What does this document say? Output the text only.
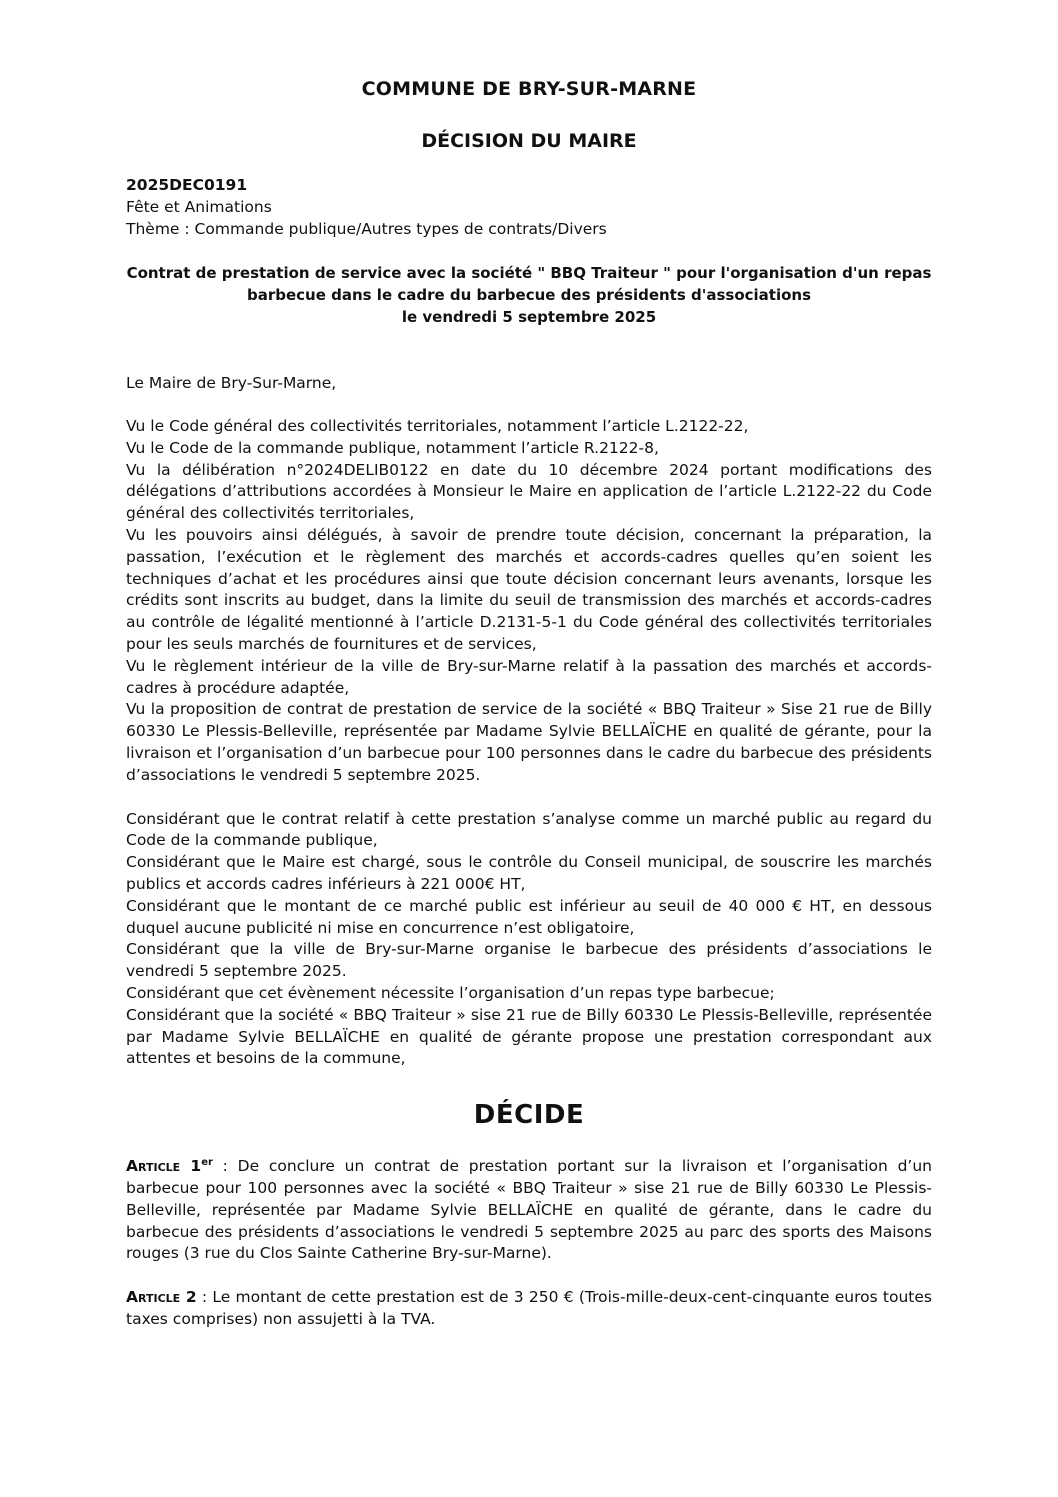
COMMUNE DE BRY-SUR-MARNE
DÉCISION DU MAIRE
2025DEC0191
Fête et Animations
Thème : Commande publique/Autres types de contrats/Divers
Contrat de prestation de service avec la société " BBQ Traiteur " pour l'organisation d'un repas
barbecue dans le cadre du barbecue des présidents d'associations
le vendredi 5 septembre 2025
Le Maire de Bry-Sur-Marne,

Vu le Code général des collectivités territoriales, notamment l’article L.2122-22,

Vu le Code de la commande publique, notamment l’article R.2122-8,

Vu la délibération n°2024DELIB0122 en date du 10 décembre 2024 portant modifications des délégations d’attributions accordées à Monsieur le Maire en application de l’article L.2122-22 du Code général des collectivités territoriales,

Vu les pouvoirs ainsi délégués, à savoir de prendre toute décision, concernant la préparation, la passation, l’exécution et le règlement des marchés et accords-cadres quelles qu’en soient les techniques d’achat et les procédures ainsi que toute décision concernant leurs avenants, lorsque les crédits sont inscrits au budget, dans la limite du seuil de transmission des marchés et accords-cadres au contrôle de légalité mentionné à l’article D.2131-5-1 du Code général des collectivités territoriales pour les seuls marchés de fournitures et de services,

Vu le règlement intérieur de la ville de Bry-sur-Marne relatif à la passation des marchés et accords-cadres à procédure adaptée,

Vu la proposition de contrat de prestation de service de la société « BBQ Traiteur » Sise 21 rue de Billy 60330 Le Plessis-Belleville, représentée par Madame Sylvie BELLAÏCHE en qualité de gérante, pour la livraison et l’organisation d’un barbecue pour 100 personnes dans le cadre du barbecue des présidents d’associations le vendredi 5 septembre 2025.

Considérant que le contrat relatif à cette prestation s’analyse comme un marché public au regard du Code de la commande publique,

Considérant que le Maire est chargé, sous le contrôle du Conseil municipal, de souscrire les marchés publics et accords cadres inférieurs à 221 000€ HT,

Considérant que le montant de ce marché public est inférieur au seuil de 40 000 € HT, en dessous duquel aucune publicité ni mise en concurrence n’est obligatoire,

Considérant que la ville de Bry-sur-Marne organise le barbecue des présidents d’associations le vendredi 5 septembre 2025.

Considérant que cet évènement nécessite l’organisation d’un repas type barbecue;

Considérant que la société « BBQ Traiteur » sise 21 rue de Billy 60330 Le Plessis-Belleville, représentée par Madame Sylvie BELLAÏCHE en qualité de gérante propose une prestation correspondant aux attentes et besoins de la commune,

DÉCIDE

Article 1er : De conclure un contrat de prestation portant sur la livraison et l’organisation d’un barbecue pour 100 personnes avec la société « BBQ Traiteur » sise 21 rue de Billy 60330 Le Plessis-Belleville, représentée par Madame Sylvie BELLAÏCHE en qualité de gérante, dans le cadre du barbecue des présidents d’associations le vendredi 5 septembre 2025 au parc des sports des Maisons rouges (3 rue du Clos Sainte Catherine Bry-sur-Marne).

Article 2 : Le montant de cette prestation est de 3 250 € (Trois-mille-deux-cent-cinquante euros toutes taxes comprises) non assujetti à la TVA.
